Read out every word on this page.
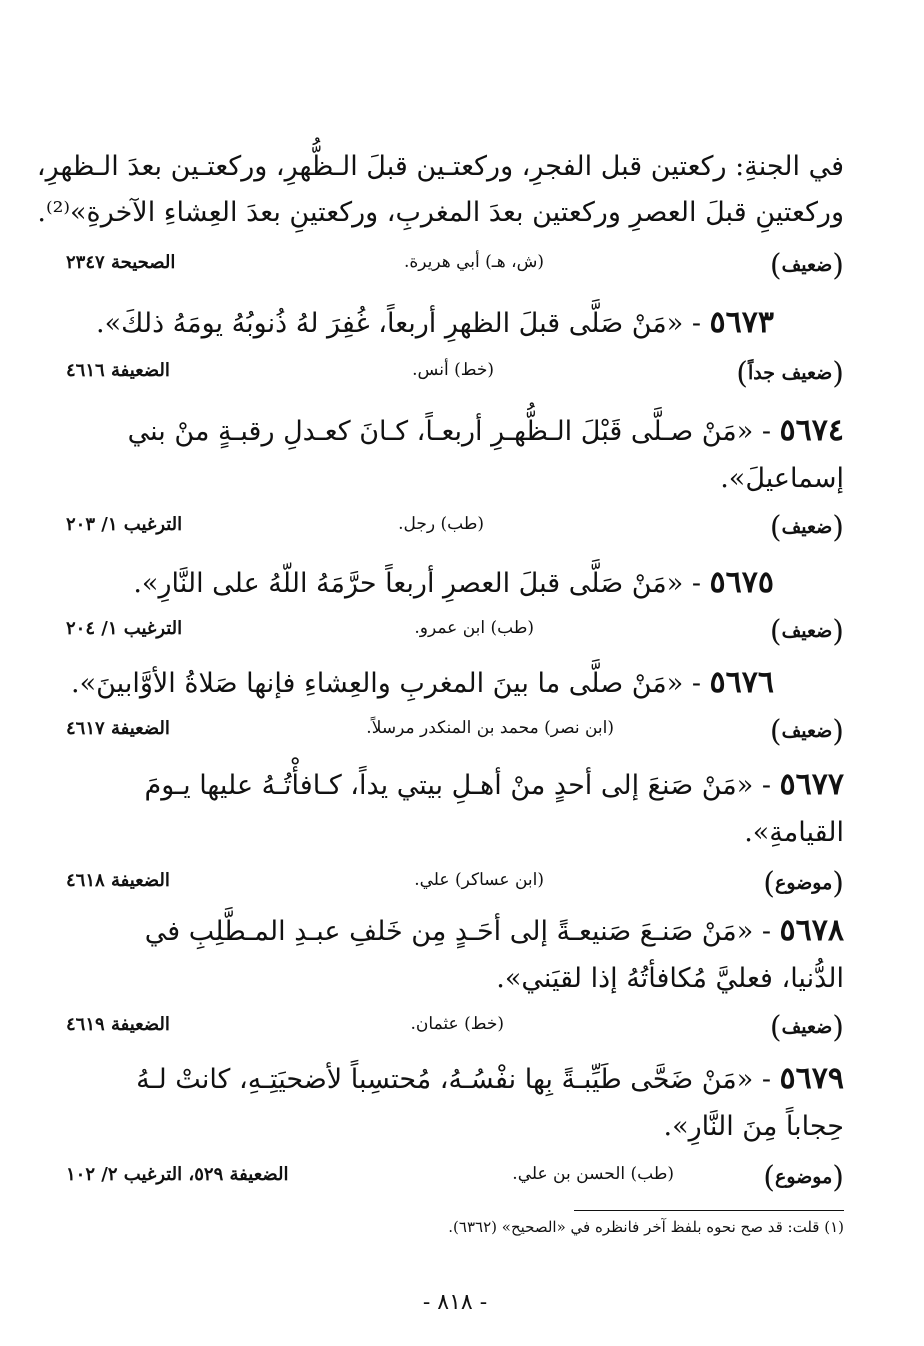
في الجنةِ: ركعتين قبل الفجرِ، وركعتـين قبلَ الـظُّهرِ، وركعتـين بعدَ الـظهرِ،
وركعتينِ قبلَ العصرِ وركعتين بعدَ المغربِ، وركعتينِ بعدَ العِشاءِ الآخرةِ»⁽²⁾.
(ضعيف)
(ش، هـ) أبي هريرة.
الصحيحة ٢٣٤٧
٥٦٧٣ - «مَنْ صَلَّى قبلَ الظهرِ أربعاً، غُفِرَ لهُ ذُنوبُهُ يومَهُ ذلكَ».
(ضعيف جداً)
(خط) أنس.
الضعيفة ٤٦١٦
٥٦٧٤ - «مَنْ صـلَّى قَبْلَ الـظُّهـرِ أربعـاً، كـانَ كعـدلِ رقبـةٍ منْ بني
إسماعيلَ».
(ضعيف)
(طب) رجل.
الترغيب ١/ ٢٠٣
٥٦٧٥ - «مَنْ صَلَّى قبلَ العصرِ أربعاً حرَّمَهُ اللّهُ على النَّارِ».
(ضعيف)
(طب) ابن عمرو.
الترغيب ١/ ٢٠٤
٥٦٧٦ - «مَنْ صلَّى ما بينَ المغربِ والعِشاءِ فإنها صَلاةُ الأوَّابينَ».
(ضعيف)
(ابن نصر) محمد بن المنكدر مرسلاً.
الضعيفة ٤٦١٧
٥٦٧٧ - «مَنْ صَنعَ إلى أحدٍ منْ أهـلِ بيتي يداً، كـافأْتُـهُ عليها يـومَ
القيامةِ».
(موضوع)
(ابن عساكر) علي.
الضعيفة ٤٦١٨
٥٦٧٨ - «مَنْ صَنـعَ صَنيعـةً إلى أحَـدٍ مِن خَلفِ عبـدِ المـطَّلِبِ في
الدُّنيا، فعليَّ مُكافأتُهُ إذا لقيَني».
(ضعيف)
(خط) عثمان.
الضعيفة ٤٦١٩
٥٦٧٩ - «مَنْ ضَحَّى طَيِّبـةً بِها نفْسُـهُ، مُحتسِباً لأضحيَتِـهِ، كانتْ لـهُ
حِجاباً مِنَ النَّارِ».
(موضوع)
(طب) الحسن بن علي.
الضعيفة ٥٢٩، الترغيب ٢/ ١٠٢
(١) قلت: قد صح نحوه بلفظ آخر فانظره في «الصحيح» (٦٣٦٢).
- ٨١٨ -
